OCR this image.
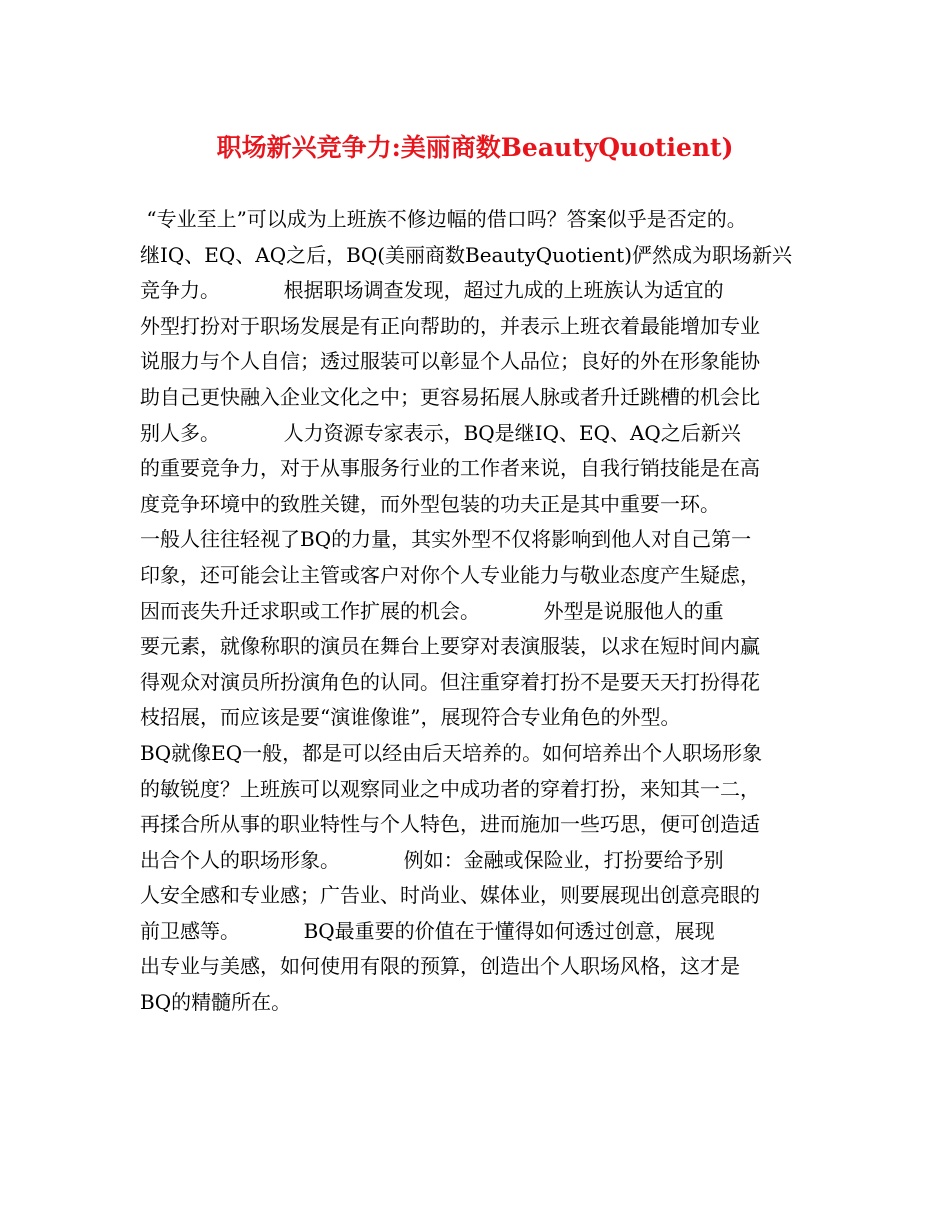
职场新兴竞争力:美丽商数BeautyQuotient)
“专业至上”可以成为上班族不修边幅的借口吗？答案似乎是否定的。
继IQ、EQ、AQ之后，BQ(美丽商数BeautyQuotient)俨然成为职场新兴
竞争力。          根据职场调查发现，超过九成的上班族认为适宜的
外型打扮对于职场发展是有正向帮助的，并表示上班衣着最能增加专业
说服力与个人自信；透过服装可以彰显个人品位；良好的外在形象能协
助自己更快融入企业文化之中；更容易拓展人脉或者升迁跳槽的机会比
别人多。          人力资源专家表示，BQ是继IQ、EQ、AQ之后新兴
的重要竞争力，对于从事服务行业的工作者来说，自我行销技能是在高
度竞争环境中的致胜关键，而外型包装的功夫正是其中重要一环。
一般人往往轻视了BQ的力量，其实外型不仅将影响到他人对自己第一
印象，还可能会让主管或客户对你个人专业能力与敬业态度产生疑虑，
因而丧失升迁求职或工作扩展的机会。          外型是说服他人的重
要元素，就像称职的演员在舞台上要穿对表演服装，以求在短时间内赢
得观众对演员所扮演角色的认同。但注重穿着打扮不是要天天打扮得花
枝招展，而应该是要“演谁像谁”，展现符合专业角色的外型。
BQ就像EQ一般，都是可以经由后天培养的。如何培养出个人职场形象
的敏锐度？上班族可以观察同业之中成功者的穿着打扮，来知其一二，
再揉合所从事的职业特性与个人特色，进而施加一些巧思，便可创造适
出合个人的职场形象。          例如：金融或保险业，打扮要给予别
人安全感和专业感；广告业、时尚业、媒体业，则要展现出创意亮眼的
前卫感等。          BQ最重要的价值在于懂得如何透过创意，展现
出专业与美感，如何使用有限的预算，创造出个人职场风格，这才是
BQ的精髓所在。
